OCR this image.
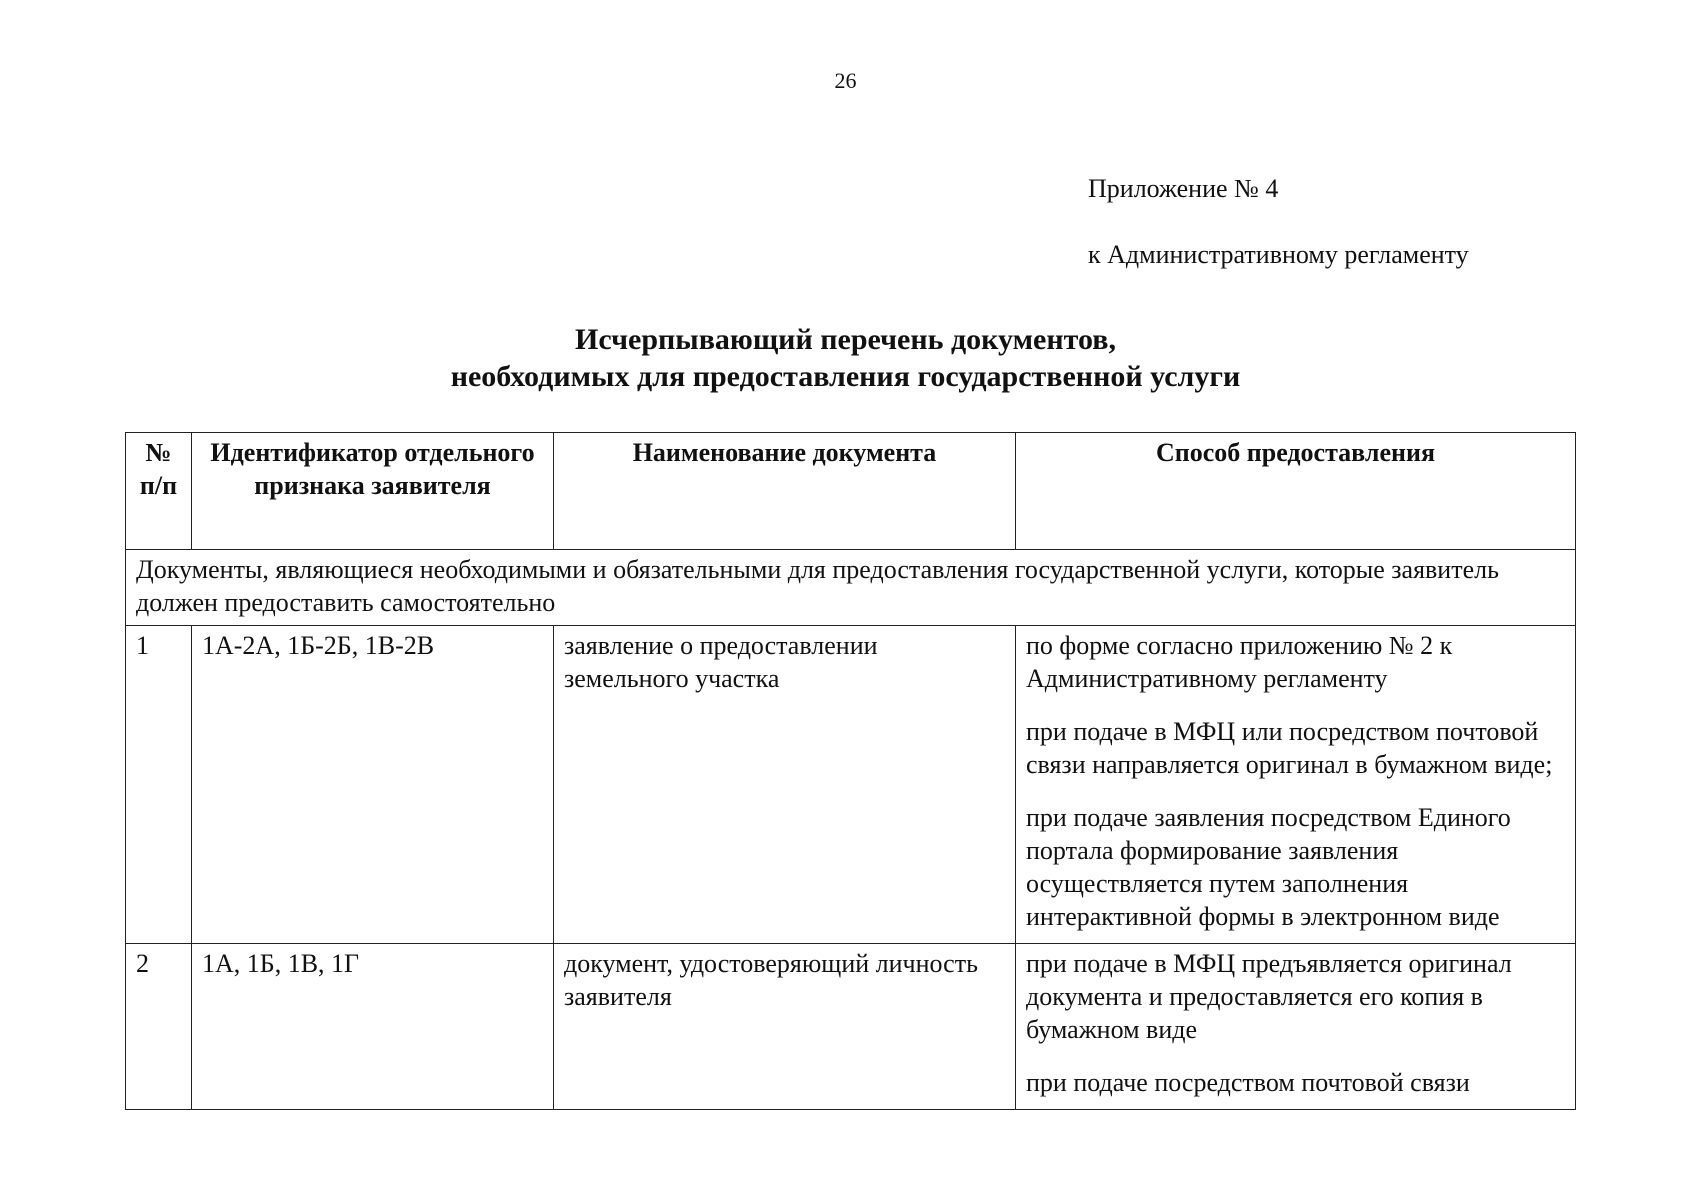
26
Приложение № 4
к Административному регламенту
Исчерпывающий перечень документов,
необходимых для предоставления государственной услуги
№ п/п	Идентификатор отдельного признака заявителя	Наименование документа	Способ предоставления
Документы, являющиеся необходимыми и обязательными для предоставления государственной услуги, которые заявитель должен предоставить самостоятельно			
1	1А-2А, 1Б-2Б, 1В-2В	заявление о предоставлении земельного участка	по форме согласно приложению № 2 к Административному регламенту

при подаче в МФЦ или посредством почтовой связи направляется оригинал в бумажном виде;

при подаче заявления посредством Единого портала формирование заявления осуществляется путем заполнения интерактивной формы в электронном виде

2	1А, 1Б, 1В, 1Г	документ, удостоверяющий личность заявителя	при подаче в МФЦ предъявляется оригинал документа и предоставляется его копия в бумажном виде

при подаче посредством почтовой связи
